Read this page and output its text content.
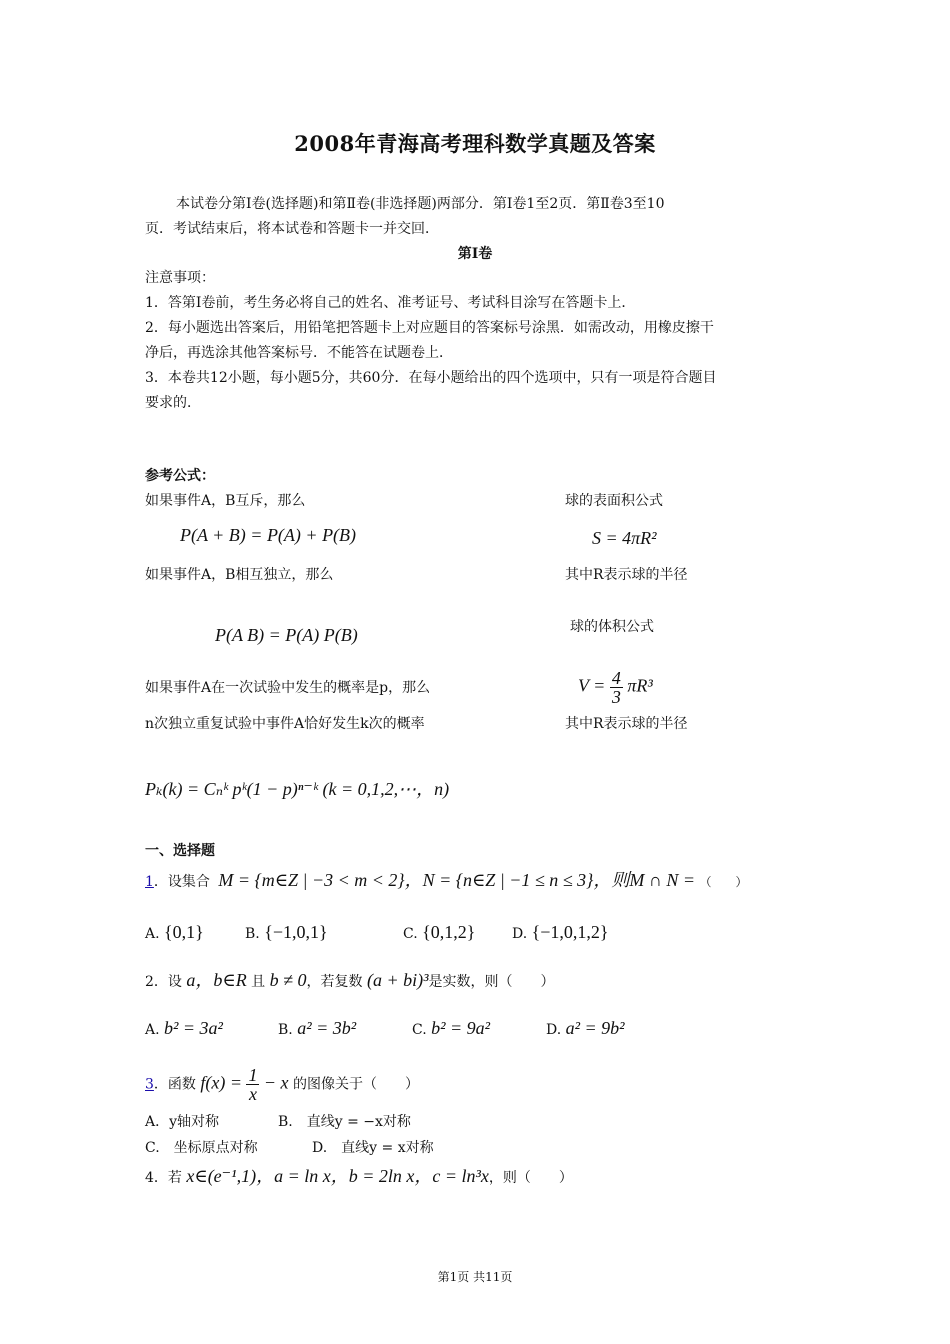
2008年青海高考理科数学真题及答案
本试卷分第Ⅰ卷(选择题)和第Ⅱ卷(非选择题)两部分．第Ⅰ卷1至2页．第Ⅱ卷3至10
页．考试结束后，将本试卷和答题卡一并交回．
第Ⅰ卷
注意事项：
1．答第Ⅰ卷前，考生务必将自己的姓名、准考证号、考试科目涂写在答题卡上．
2．每小题选出答案后，用铅笔把答题卡上对应题目的答案标号涂黑．如需改动，用橡皮擦干
净后，再选涂其他答案标号．不能答在试题卷上．
3．本卷共12小题，每小题5分，共60分．在每小题给出的四个选项中，只有一项是符合题目
要求的．
参考公式：
如果事件A，B互斥，那么
P(A + B) = P(A) + P(B)
如果事件A，B相互独立，那么
P(A B) = P(A) P(B)
如果事件A在一次试验中发生的概率是p，那么
n次独立重复试验中事件A恰好发生k次的概率
Pₖ(k) = Cₙᵏ pᵏ(1 − p)ⁿ⁻ᵏ (k = 0,1,2,⋯，n)
球的表面积公式
S = 4πR²
其中R表示球的半径
球的体积公式
$V = \frac{4}{3} \pi R^3$
其中R表示球的半径
一、选择题
1．设集合 M = {m∈Z | −3 < m < 2}，N = {n∈Z | −1 ≤ n ≤ 3}，则M ∩ N = （　　）
A. {0,1}	B. {−1,0,1}	C. {0,1,2}	D. {−1,0,1,2}
2．设 a，b∈R 且 b ≠ 0，若复数 (a + bi)³是实数，则（　　）
A. b² = 3a²	B. a² = 3b²	C. b² = 9a²	D. a² = 9b²
3．函数 $f(x) = \frac{1}{x} - x$ 的图像关于（　　）
A．y轴对称	B.　直线y = −x对称
C.　坐标原点对称	D.　直线y = x对称
4．若 x∈(e⁻¹,1)，a = ln x，b = 2ln x，c = ln³x，则（　　）
第1页 共11页
